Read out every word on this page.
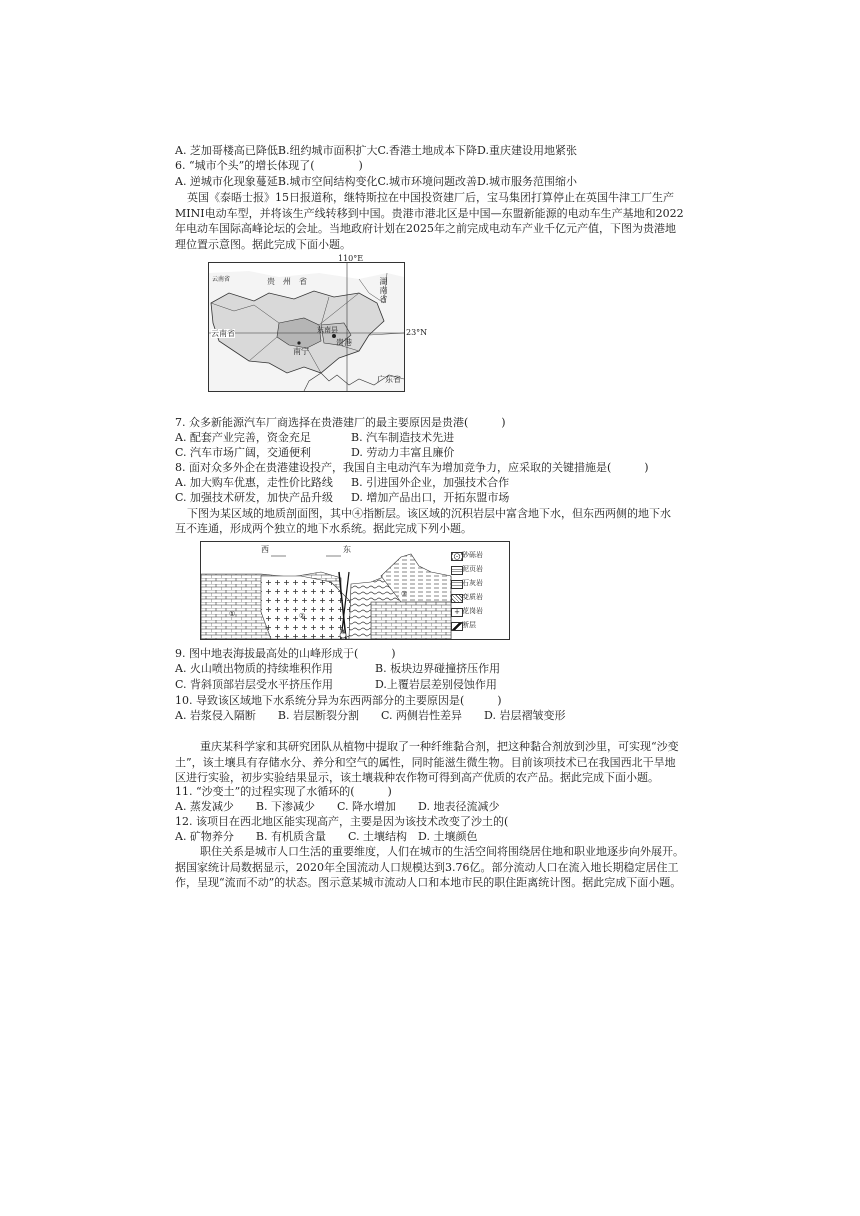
A. 芝加哥楼高已降低B.纽约城市面积扩大C.香港土地成本下降D.重庆建设用地紧张
6. “城市个头”的增长体现了(　　　　)
A. 逆城市化现象蔓延B.城市空间结构变化C.城市环境问题改善D.城市服务范围缩小
英国《泰晤士报》15日报道称，继特斯拉在中国投资建厂后，宝马集团打算停止在英国牛津工厂生产
MINI电动车型，并将该生产线转移到中国。贵港市港北区是中国—东盟新能源的电动车生产基地和2022
年电动车国际高峰论坛的会址。当地政府计划在2025年之前完成电动车产业千亿元产值，下图为贵港地
理位置示意图。据此完成下面小题。
110°E
23°N
云南省	贵州省	湖南省
云南省	东南县
贵港
南宁
广东省
7. 众多新能源汽车厂商选择在贵港建厂的最主要原因是贵港(　　　)
A. 配套产业完善，资金充足	B. 汽车制造技术先进
C. 汽车市场广阔，交通便利	D. 劳动力丰富且廉价
8. 面对众多外企在贵港建设投产，我国自主电动汽车为增加竞争力，应采取的关键措施是(　　　)
A. 加大购车优惠，走性价比路线 B. 引进国外企业，加强技术合作
C. 加强技术研发，加快产品升级 D. 增加产品出口，开拓东盟市场
下图为某区域的地质剖面图，其中④指断层。该区域的沉积岩层中富含地下水，但东西两侧的地下水
互不连通，形成两个独立的地下水系统。据此完成下列小题。
西	东
①	②
③
④
砂砾岩
泥页岩
石灰岩
变质岩
+ 花岗岩
断层
9. 图中地表海拔最高处的山峰形成于(　　　)
A. 火山喷出物质的持续堆积作用	B. 板块边界碰撞挤压作用
C. 背斜顶部岩层受水平挤压作用	D.上覆岩层差别侵蚀作用
10. 导致该区域地下水系统分异为东西两部分的主要原因是(　　　)
A. 岩浆侵入隔断　　B. 岩层断裂分割　　C. 两侧岩性差异　　D. 岩层褶皱变形
重庆某科学家和其研究团队从植物中提取了一种纤维黏合剂，把这种黏合剂放到沙里，可实现“沙变
土”，该土壤具有存储水分、养分和空气的属性，同时能滋生微生物。目前该项技术已在我国西北干旱地
区进行实验，初步实验结果显示，该土壤栽种农作物可得到高产优质的农产品。据此完成下面小题。
11. “沙变土”的过程实现了水循环的(　　　)
A. 蒸发减少　　B. 下渗减少　　C. 降水增加　　D. 地表径流减少
12. 该项目在西北地区能实现高产，主要是因为该技术改变了沙土的(
A. 矿物养分　　B. 有机质含量　　C. 土壤结构　D. 土壤颜色
职住关系是城市人口生活的重要维度，人们在城市的生活空间将围绕居住地和职业地逐步向外展开。
据国家统计局数据显示，2020年全国流动人口规模达到3.76亿。部分流动人口在流入地长期稳定居住工
作，呈现“流而不动”的状态。图示意某城市流动人口和本地市民的职住距离统计图。据此完成下面小题。
